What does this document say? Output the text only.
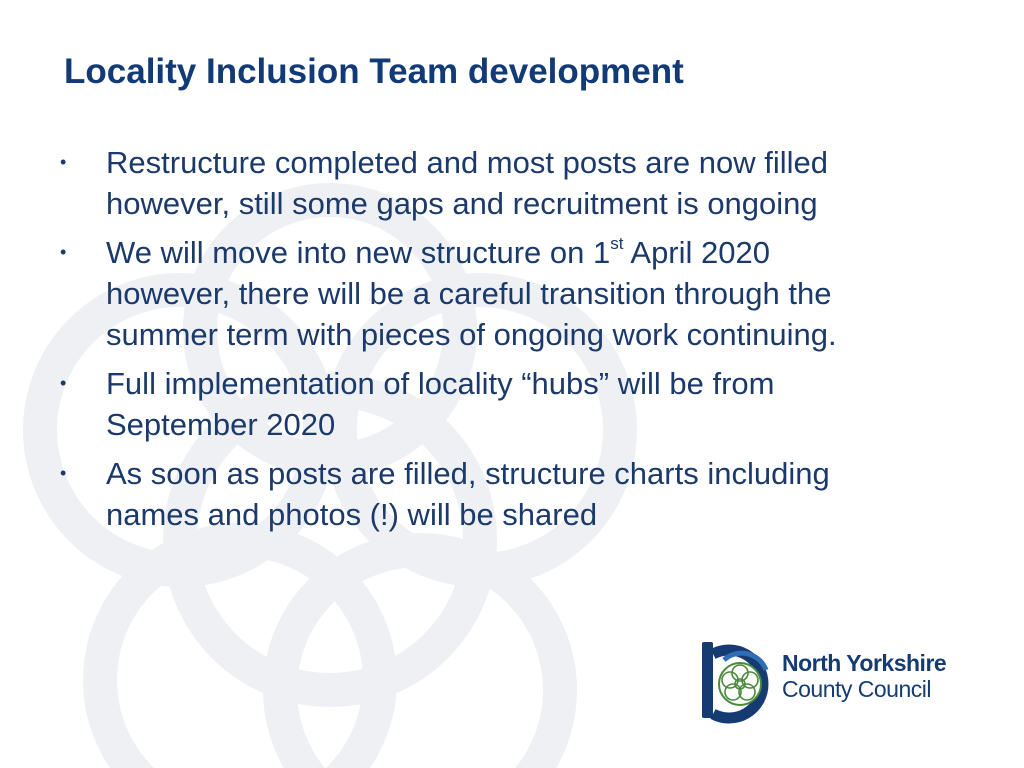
Locality Inclusion Team development
• Restructure completed and most posts are now filled however, still some gaps and recruitment is ongoing
• We will move into new structure on 1st April 2020 however, there will be a careful transition through the summer term with pieces of ongoing work continuing.
• Full implementation of locality “hubs” will be from September 2020
• As soon as posts are filled, structure charts including names and photos (!) will be shared
North Yorkshire
County Council
